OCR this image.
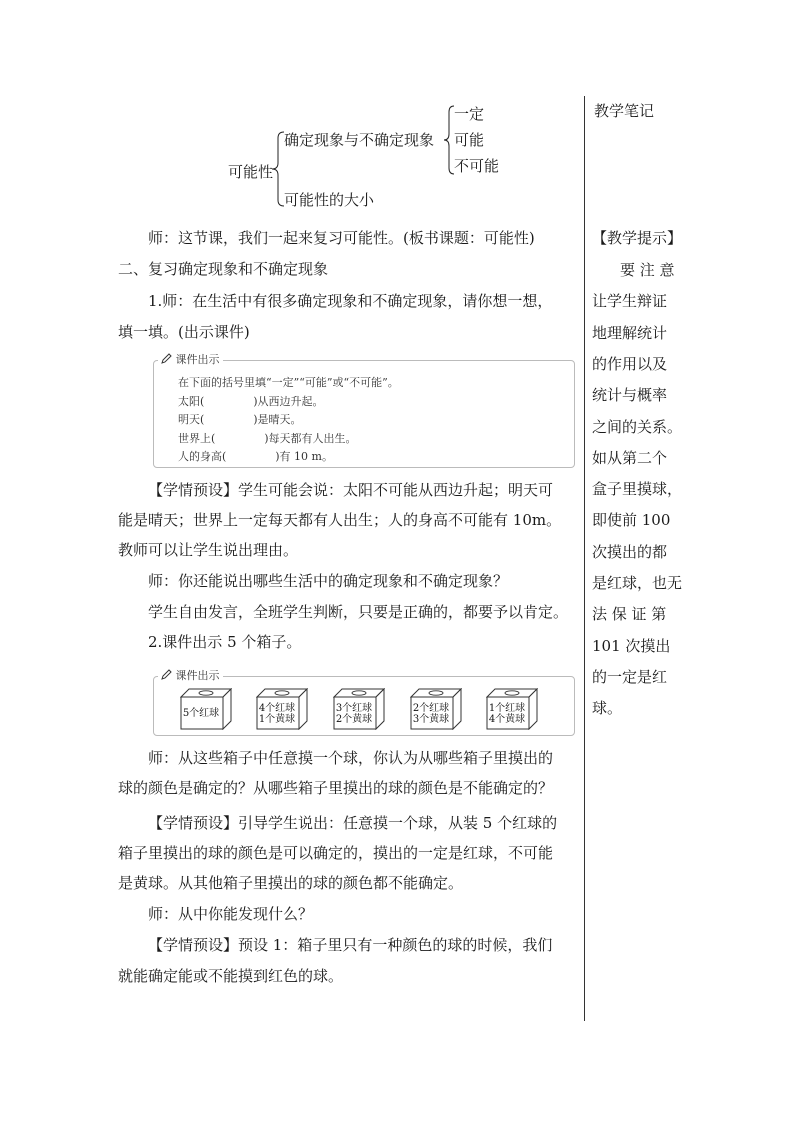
教学笔记
【教学提示】
要 注 意
让学生辩证
地理解统计
的作用以及
统计与概率
之间的关系。
如从第二个
盒子里摸球，
即使前 100
次摸出的都
是红球，也无
法 保 证 第
101 次摸出
的一定是红
球。
可能性
确定现象与不确定现象
可能性的大小
一定
可能
不可能
师：这节课，我们一起来复习可能性。(板书课题：可能性)
二、复习确定现象和不确定现象
1.师：在生活中有很多确定现象和不确定现象，请你想一想，
填一填。(出示课件)
课件出示
在下面的括号里填“一定”“可能”或“不可能”。
太阳(              )从西边升起。
明天(              )是晴天。
世界上(              )每天都有人出生。
人的身高(              )有 10 m。
【学情预设】学生可能会说：太阳不可能从西边升起；明天可
能是晴天；世界上一定每天都有人出生；人的身高不可能有 10m。
教师可以让学生说出理由。
师：你还能说出哪些生活中的确定现象和不确定现象？
学生自由发言，全班学生判断，只要是正确的，都要予以肯定。
2.课件出示 5 个箱子。
课件出示
5个红球	4个红球
1个黄球
3个红球
2个黄球
2个红球
3个黄球
1个红球
4个黄球
师：从这些箱子中任意摸一个球，你认为从哪些箱子里摸出的
球的颜色是确定的？从哪些箱子里摸出的球的颜色是不能确定的？
【学情预设】引导学生说出：任意摸一个球，从装 5 个红球的
箱子里摸出的球的颜色是可以确定的，摸出的一定是红球，不可能
是黄球。从其他箱子里摸出的球的颜色都不能确定。
师：从中你能发现什么？
【学情预设】预设 1：箱子里只有一种颜色的球的时候，我们
就能确定能或不能摸到红色的球。
